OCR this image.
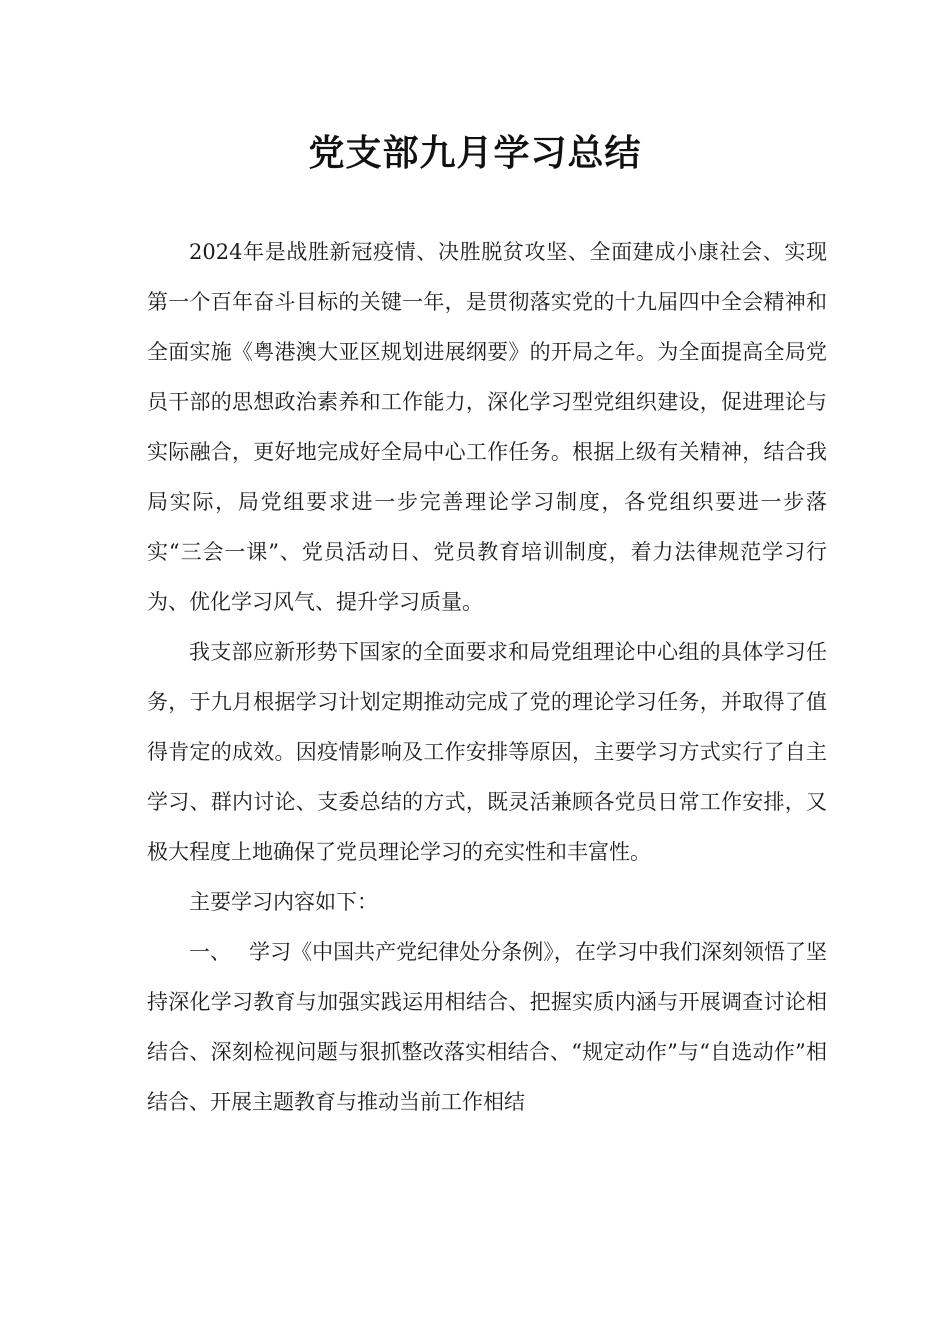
党支部九月学习总结

2024年是战胜新冠疫情、决胜脱贫攻坚、全面建成小康社会、实现第一个百年奋斗目标的关键一年，是贯彻落实党的十九届四中全会精神和全面实施《粤港澳大亚区规划进展纲要》的开局之年。为全面提高全局党员干部的思想政治素养和工作能力，深化学习型党组织建设，促进理论与实际融合，更好地完成好全局中心工作任务。根据上级有关精神，结合我局实际，局党组要求进一步完善理论学习制度，各党组织要进一步落实“三会一课”、党员活动日、党员教育培训制度，着力法律规范学习行为、优化学习风气、提升学习质量。

我支部应新形势下国家的全面要求和局党组理论中心组的具体学习任务，于九月根据学习计划定期推动完成了党的理论学习任务，并取得了值得肯定的成效。因疫情影响及工作安排等原因，主要学习方式实行了自主学习、群内讨论、支委总结的方式，既灵活兼顾各党员日常工作安排，又极大程度上地确保了党员理论学习的充实性和丰富性。

主要学习内容如下：

一、 学习《中国共产党纪律处分条例》，在学习中我们深刻领悟了坚持深化学习教育与加强实践运用相结合、把握实质内涵与开展调查讨论相结合、深刻检视问题与狠抓整改落实相结合、“规定动作”与“自选动作”相结合、开展主题教育与推动当前工作相结
